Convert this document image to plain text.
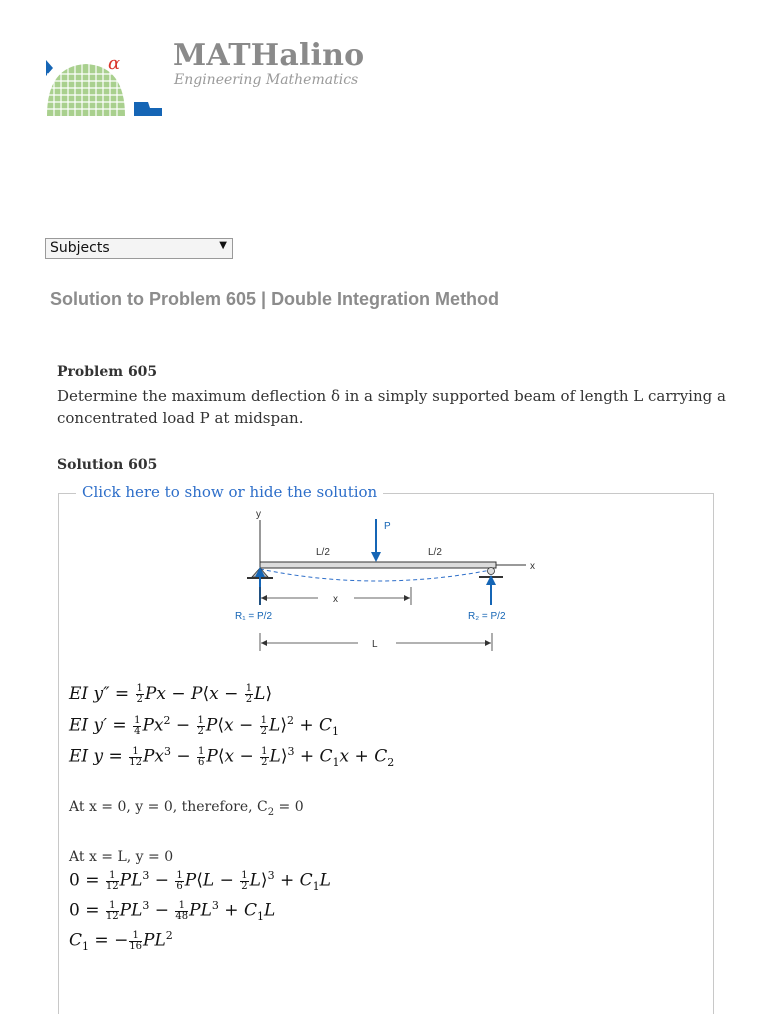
α MATHalino
Engineering Mathematics
Subjects	▼
Solution to Problem 605 | Double Integration Method
Problem 605
Determine the maximum deflection δ in a simply supported beam of length L carrying a concentrated load P at midspan.
Solution 605
Click here to show or hide the solution
y
x
P
L/2	L/2
R₁ = P/2	R₂ = P/2
x
L
EI $y'' = \frac{1}{2}$ Px − P⟨x − $\frac{1}{2}$ L⟩
EI $y' = \frac{1}{4} Px^2 - \frac{1}{2}$ P⟨x − $\frac{1}{2}$ L⟩$^2$ + $C_1$
EI $y = \frac{1}{12} Px^3 - \frac{1}{6}$ P⟨x − $\frac{1}{2}$ L⟩$^3$ + $C_1x + C_2$
At x = 0, y = 0, therefore, $C_2 = 0$
At x = L, y = 0
$0 = \frac{1}{12} PL^3 - \frac{1}{6}$ P⟨L − $\frac{1}{2}$ L⟩$^3$ + $C_1L$
$0 = \frac{1}{12} PL^3 - \frac{1}{48} PL^3 + C_1L$
$C_1$ = − $\frac{1}{16} PL^2$
